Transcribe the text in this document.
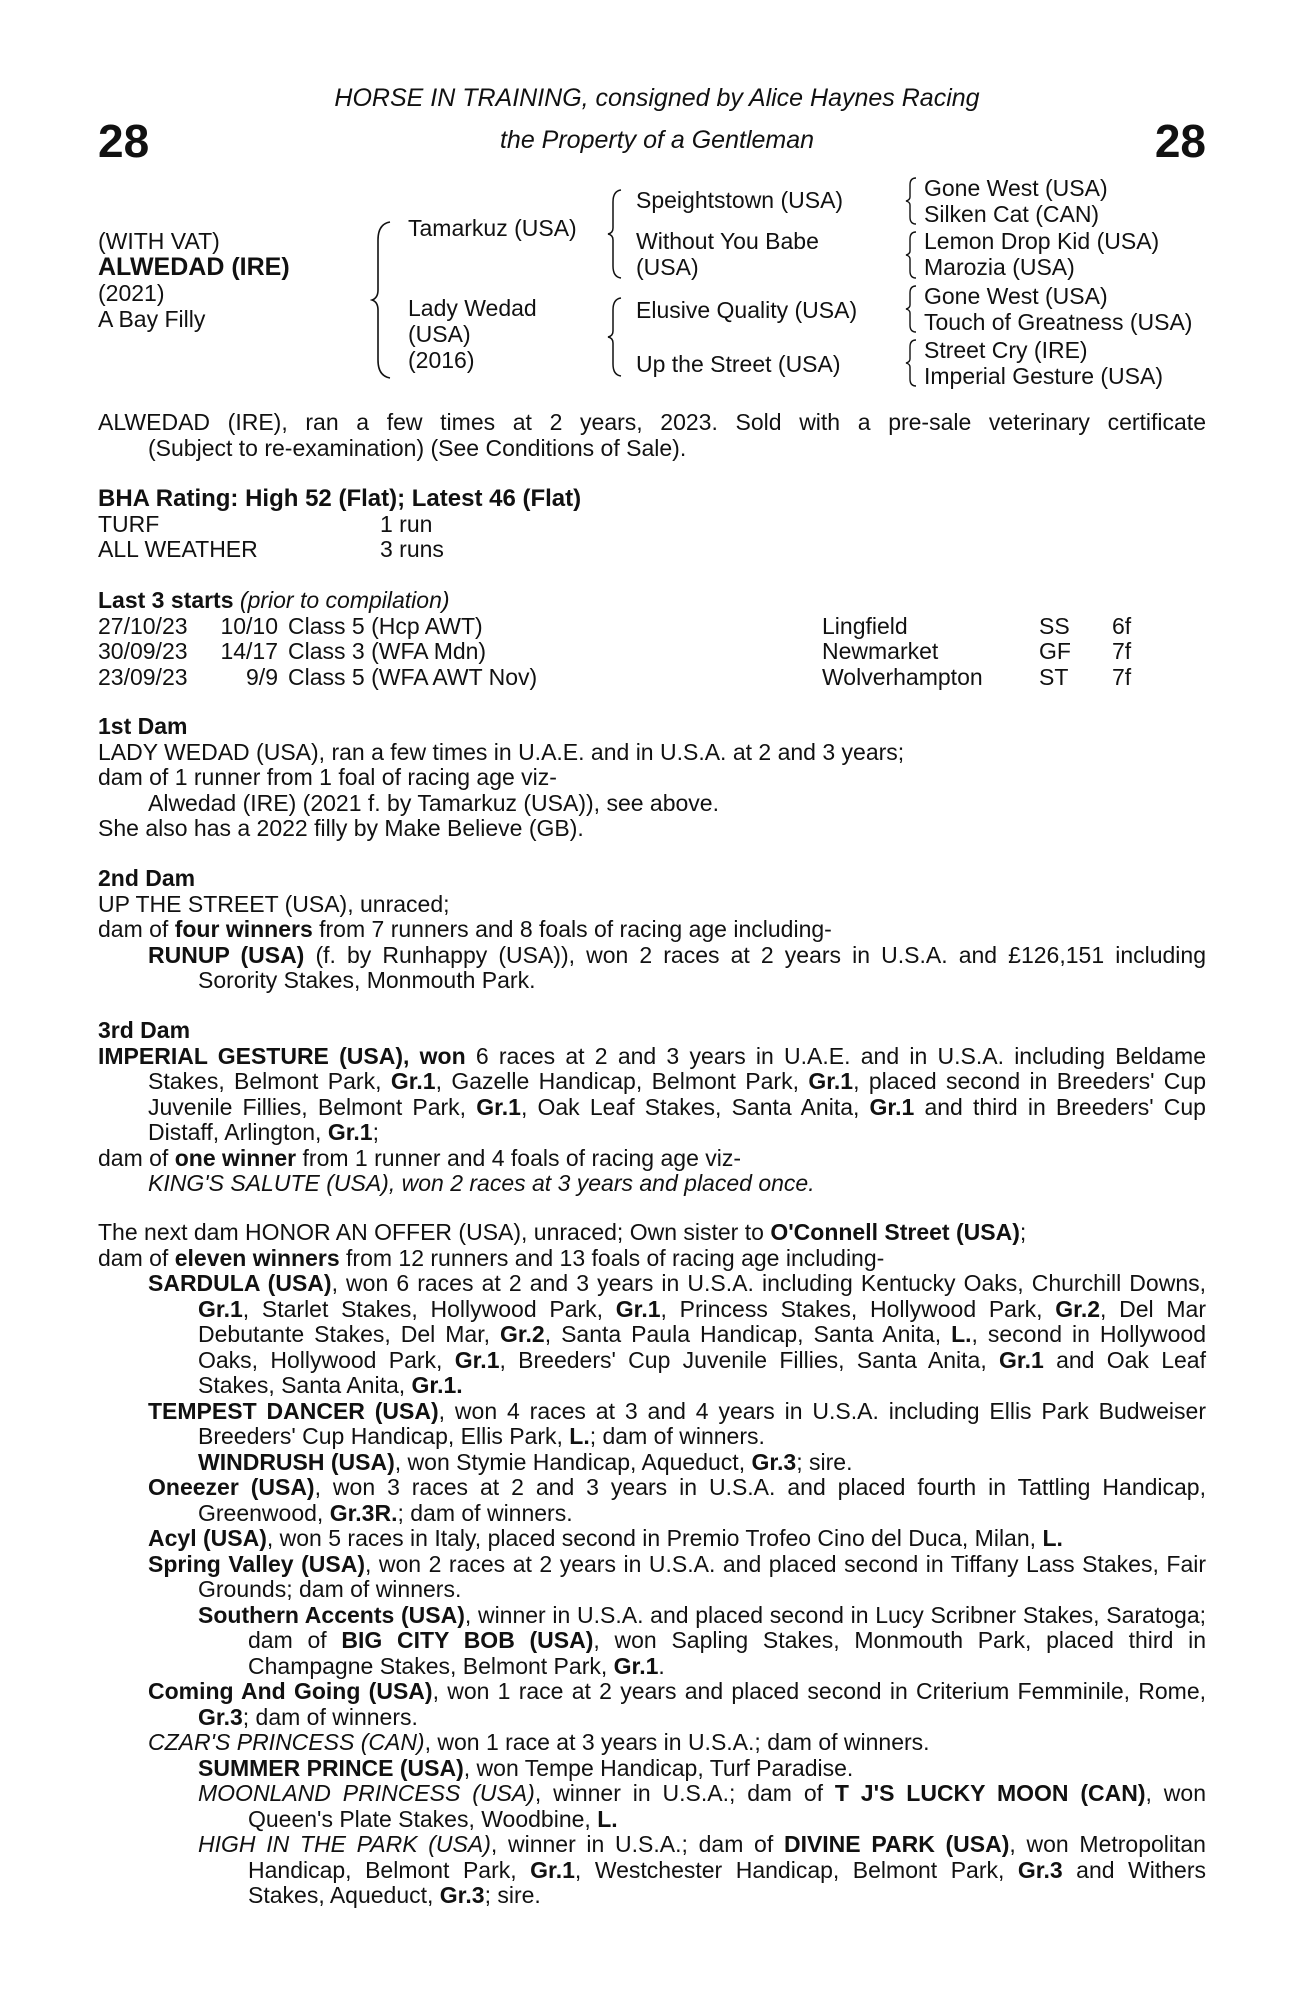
28	28
HORSE IN TRAINING, consigned by Alice Haynes Racing
the Property of a Gentleman
(WITH VAT)
ALWEDAD (IRE)
(2021)
A Bay Filly
Tamarkuz (USA)
Lady Wedad
(USA)
(2016)
Speightstown (USA)
Without You Babe
(USA)
Elusive Quality (USA)
Up the Street (USA)
Gone West (USA)
Silken Cat (CAN)
Lemon Drop Kid (USA)
Marozia (USA)
Gone West (USA)
Touch of Greatness (USA)
Street Cry (IRE)
Imperial Gesture (USA)
ALWEDAD (IRE), ran a few times at 2 years, 2023. Sold with a pre-sale veterinary certificate
(Subject to re-examination) (See Conditions of Sale).
BHA Rating: High 52 (Flat); Latest 46 (Flat)
TURF	1 run
ALL WEATHER	3 runs
Last 3 starts (prior to compilation)
27/10/23	10/10 Class 5 (Hcp AWT)	Lingfield	SS 6f
30/09/23	14/17 Class 3 (WFA Mdn)	Newmarket	GF 7f
23/09/23	9/9 Class 5 (WFA AWT Nov)	Wolverhampton ST 7f
1st Dam
LADY WEDAD (USA), ran a few times in U.A.E. and in U.S.A. at 2 and 3 years;
dam of 1 runner from 1 foal of racing age viz-
Alwedad (IRE) (2021 f. by Tamarkuz (USA)), see above.
She also has a 2022 filly by Make Believe (GB).
2nd Dam
UP THE STREET (USA), unraced;
dam of four winners from 7 runners and 8 foals of racing age including-
RUNUP (USA) (f. by Runhappy (USA)), won 2 races at 2 years in U.S.A. and £126,151 including Sorority Stakes, Monmouth Park.
3rd Dam
IMPERIAL GESTURE (USA), won 6 races at 2 and 3 years in U.A.E. and in U.S.A. including Beldame Stakes, Belmont Park, Gr.1, Gazelle Handicap, Belmont Park, Gr.1, placed second in Breeders' Cup Juvenile Fillies, Belmont Park, Gr.1, Oak Leaf Stakes, Santa Anita, Gr.1 and third in Breeders' Cup Distaff, Arlington, Gr.1;
dam of one winner from 1 runner and 4 foals of racing age viz-
KING'S SALUTE (USA), won 2 races at 3 years and placed once.
The next dam HONOR AN OFFER (USA), unraced; Own sister to O'Connell Street (USA);
dam of eleven winners from 12 runners and 13 foals of racing age including-
SARDULA (USA), won 6 races at 2 and 3 years in U.S.A. including Kentucky Oaks, Churchill Downs, Gr.1, Starlet Stakes, Hollywood Park, Gr.1, Princess Stakes, Hollywood Park, Gr.2, Del Mar Debutante Stakes, Del Mar, Gr.2, Santa Paula Handicap, Santa Anita, L., second in Hollywood Oaks, Hollywood Park, Gr.1, Breeders' Cup Juvenile Fillies, Santa Anita, Gr.1 and Oak Leaf Stakes, Santa Anita, Gr.1.
TEMPEST DANCER (USA), won 4 races at 3 and 4 years in U.S.A. including Ellis Park Budweiser Breeders' Cup Handicap, Ellis Park, L.; dam of winners.
WINDRUSH (USA), won Stymie Handicap, Aqueduct, Gr.3; sire.
Oneezer (USA), won 3 races at 2 and 3 years in U.S.A. and placed fourth in Tattling Handicap, Greenwood, Gr.3R.; dam of winners.
Acyl (USA), won 5 races in Italy, placed second in Premio Trofeo Cino del Duca, Milan, L.
Spring Valley (USA), won 2 races at 2 years in U.S.A. and placed second in Tiffany Lass Stakes, Fair Grounds; dam of winners.
Southern Accents (USA), winner in U.S.A. and placed second in Lucy Scribner Stakes, Saratoga; dam of BIG CITY BOB (USA), won Sapling Stakes, Monmouth Park, placed third in Champagne Stakes, Belmont Park, Gr.1.
Coming And Going (USA), won 1 race at 2 years and placed second in Criterium Femminile, Rome, Gr.3; dam of winners.
CZAR'S PRINCESS (CAN), won 1 race at 3 years in U.S.A.; dam of winners.
SUMMER PRINCE (USA), won Tempe Handicap, Turf Paradise.
MOONLAND PRINCESS (USA), winner in U.S.A.; dam of T J'S LUCKY MOON (CAN), won Queen's Plate Stakes, Woodbine, L.
HIGH IN THE PARK (USA), winner in U.S.A.; dam of DIVINE PARK (USA), won Metropolitan Handicap, Belmont Park, Gr.1, Westchester Handicap, Belmont Park, Gr.3 and Withers Stakes, Aqueduct, Gr.3; sire.
